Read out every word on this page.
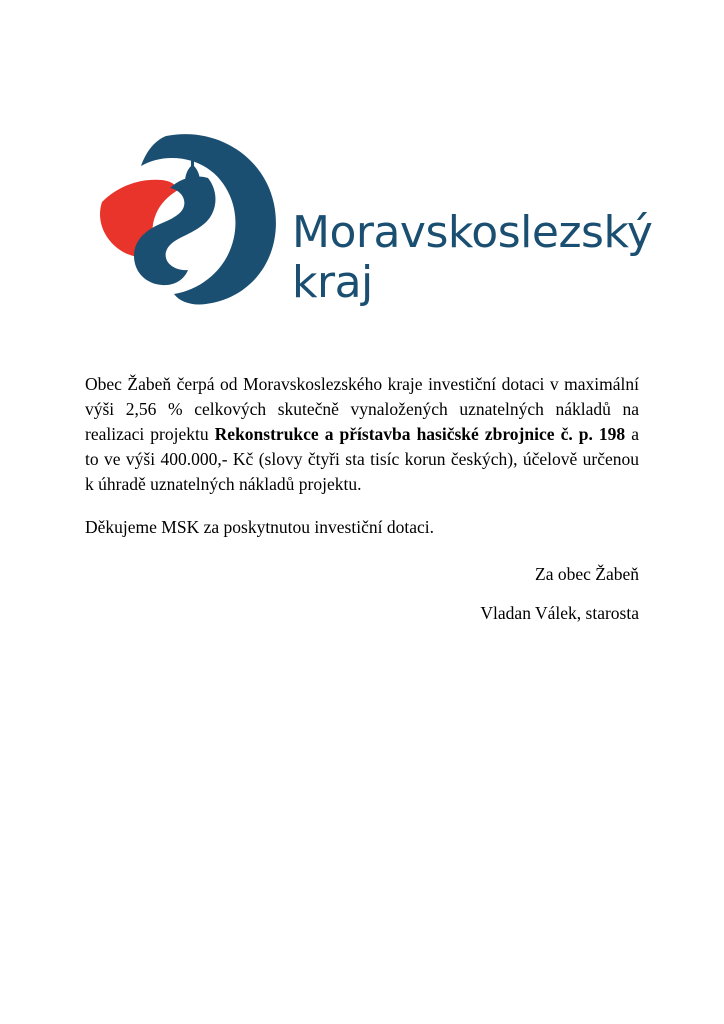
Moravskoslezský
kraj

Obec Žabeň čerpá od Moravskoslezského kraje investiční dotaci v maximální výši 2,56 % celkových skutečně vynaložených uznatelných nákladů na realizaci projektu Rekonstrukce a přístavba hasičské zbrojnice č. p. 198 a to ve výši 400.000,- Kč (slovy čtyři sta tisíc korun českých), účelově určenou k úhradě uznatelných nákladů projektu.

Děkujeme MSK za poskytnutou investiční dotaci.

Za obec Žabeň

Vladan Válek, starosta
